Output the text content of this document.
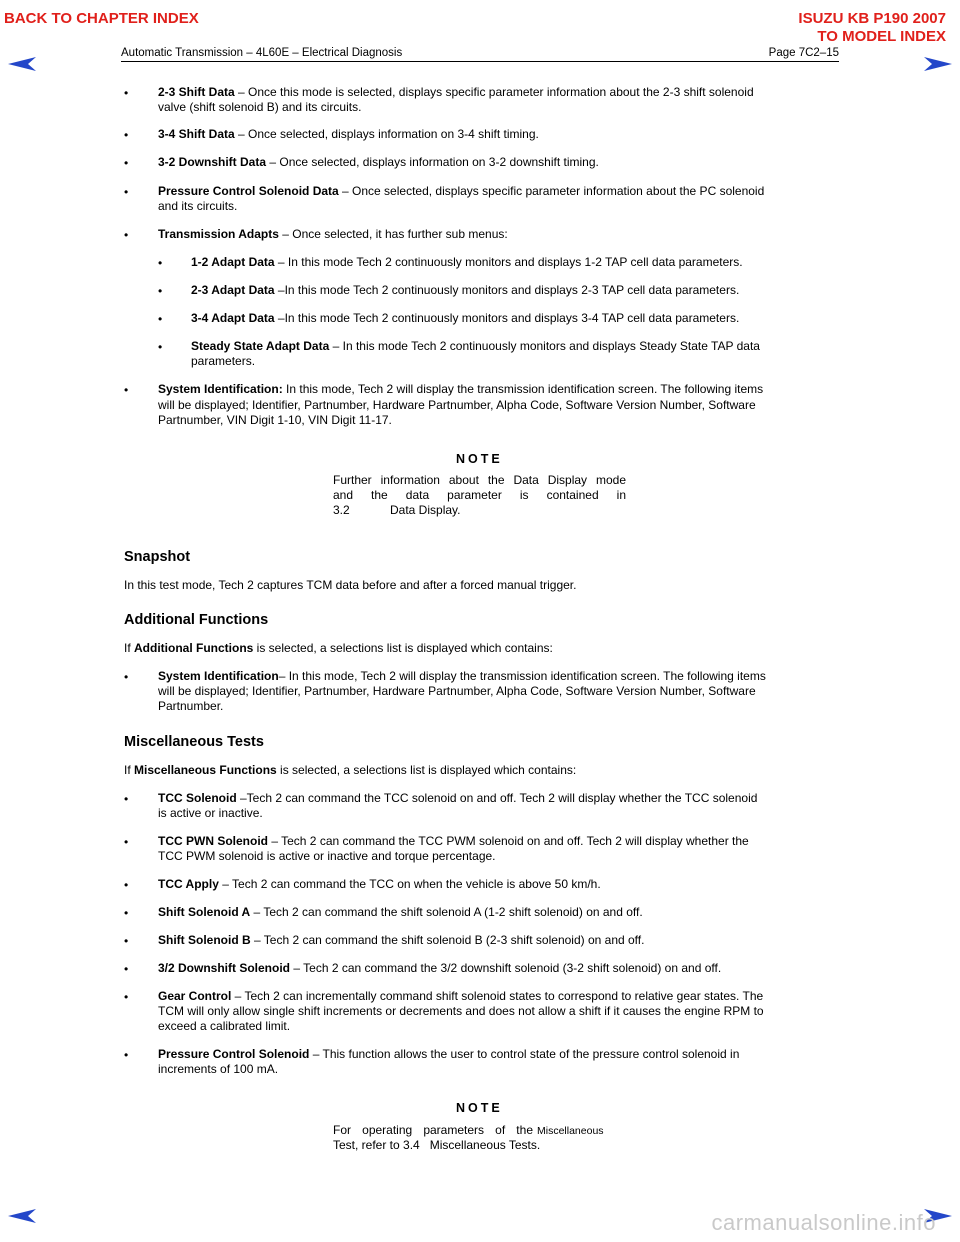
BACK TO CHAPTER INDEX	ISUZU KB P190 2007
TO MODEL INDEX
Automatic Transmission – 4L60E – Electrical Diagnosis	Page 7C2–15
• 2-3 Shift Data – Once this mode is selected, displays specific parameter information about the 2-3 shift solenoid
valve (shift solenoid B) and its circuits.
• 3-4 Shift Data – Once selected, displays information on 3-4 shift timing.
• 3-2 Downshift Data – Once selected, displays information on 3-2 downshift timing.
• Pressure Control Solenoid Data – Once selected, displays specific parameter information about the PC solenoid
and its circuits.
• Transmission Adapts – Once selected, it has further sub menus:
• 1-2 Adapt Data – In this mode Tech 2 continuously monitors and displays 1-2 TAP cell data parameters.
• 2-3 Adapt Data –In this mode Tech 2 continuously monitors and displays 2-3 TAP cell data parameters.
• 3-4 Adapt Data –In this mode Tech 2 continuously monitors and displays 3-4 TAP cell data parameters.
• Steady State Adapt Data – In this mode Tech 2 continuously monitors and displays Steady State TAP data
parameters.
• System Identification: In this mode, Tech 2 will display the transmission identification screen. The following items
will be displayed; Identifier, Partnumber, Hardware Partnumber, Alpha Code, Software Version Number, Software
Partnumber, VIN Digit 1-10, VIN Digit 11-17.
NOTE
Further information about the Data Display mode
and the data parameter is contained in
3.2	Data Display.
Snapshot
In this test mode, Tech 2 captures TCM data before and after a forced manual trigger.
Additional Functions
If Additional Functions is selected, a selections list is displayed which contains:
• System Identification– In this mode, Tech 2 will display the transmission identification screen. The following items
will be displayed; Identifier, Partnumber, Hardware Partnumber, Alpha Code, Software Version Number, Software
Partnumber.
Miscellaneous Tests
If Miscellaneous Functions is selected, a selections list is displayed which contains:
• TCC Solenoid –Tech 2 can command the TCC solenoid on and off. Tech 2 will display whether the TCC solenoid
is active or inactive.
• TCC PWN Solenoid – Tech 2 can command the TCC PWM solenoid on and off. Tech 2 will display whether the
TCC PWM solenoid is active or inactive and torque percentage.
• TCC Apply – Tech 2 can command the TCC on when the vehicle is above 50 km/h.
• Shift Solenoid A – Tech 2 can command the shift solenoid A (1-2 shift solenoid) on and off.
• Shift Solenoid B – Tech 2 can command the shift solenoid B (2-3 shift solenoid) on and off.
• 3/2 Downshift Solenoid – Tech 2 can command the 3/2 downshift solenoid (3-2 shift solenoid) on and off.
• Gear Control – Tech 2 can incrementally command shift solenoid states to correspond to relative gear states. The
TCM will only allow single shift increments or decrements and does not allow a shift if it causes the engine RPM to
exceed a calibrated limit.
• Pressure Control Solenoid – This function allows the user to control state of the pressure control solenoid in
increments of 100 mA.
NOTE
For operating parameters of the Miscellaneous
Test, refer to 3.4   Miscellaneous Tests.
carmanualsonline.info
